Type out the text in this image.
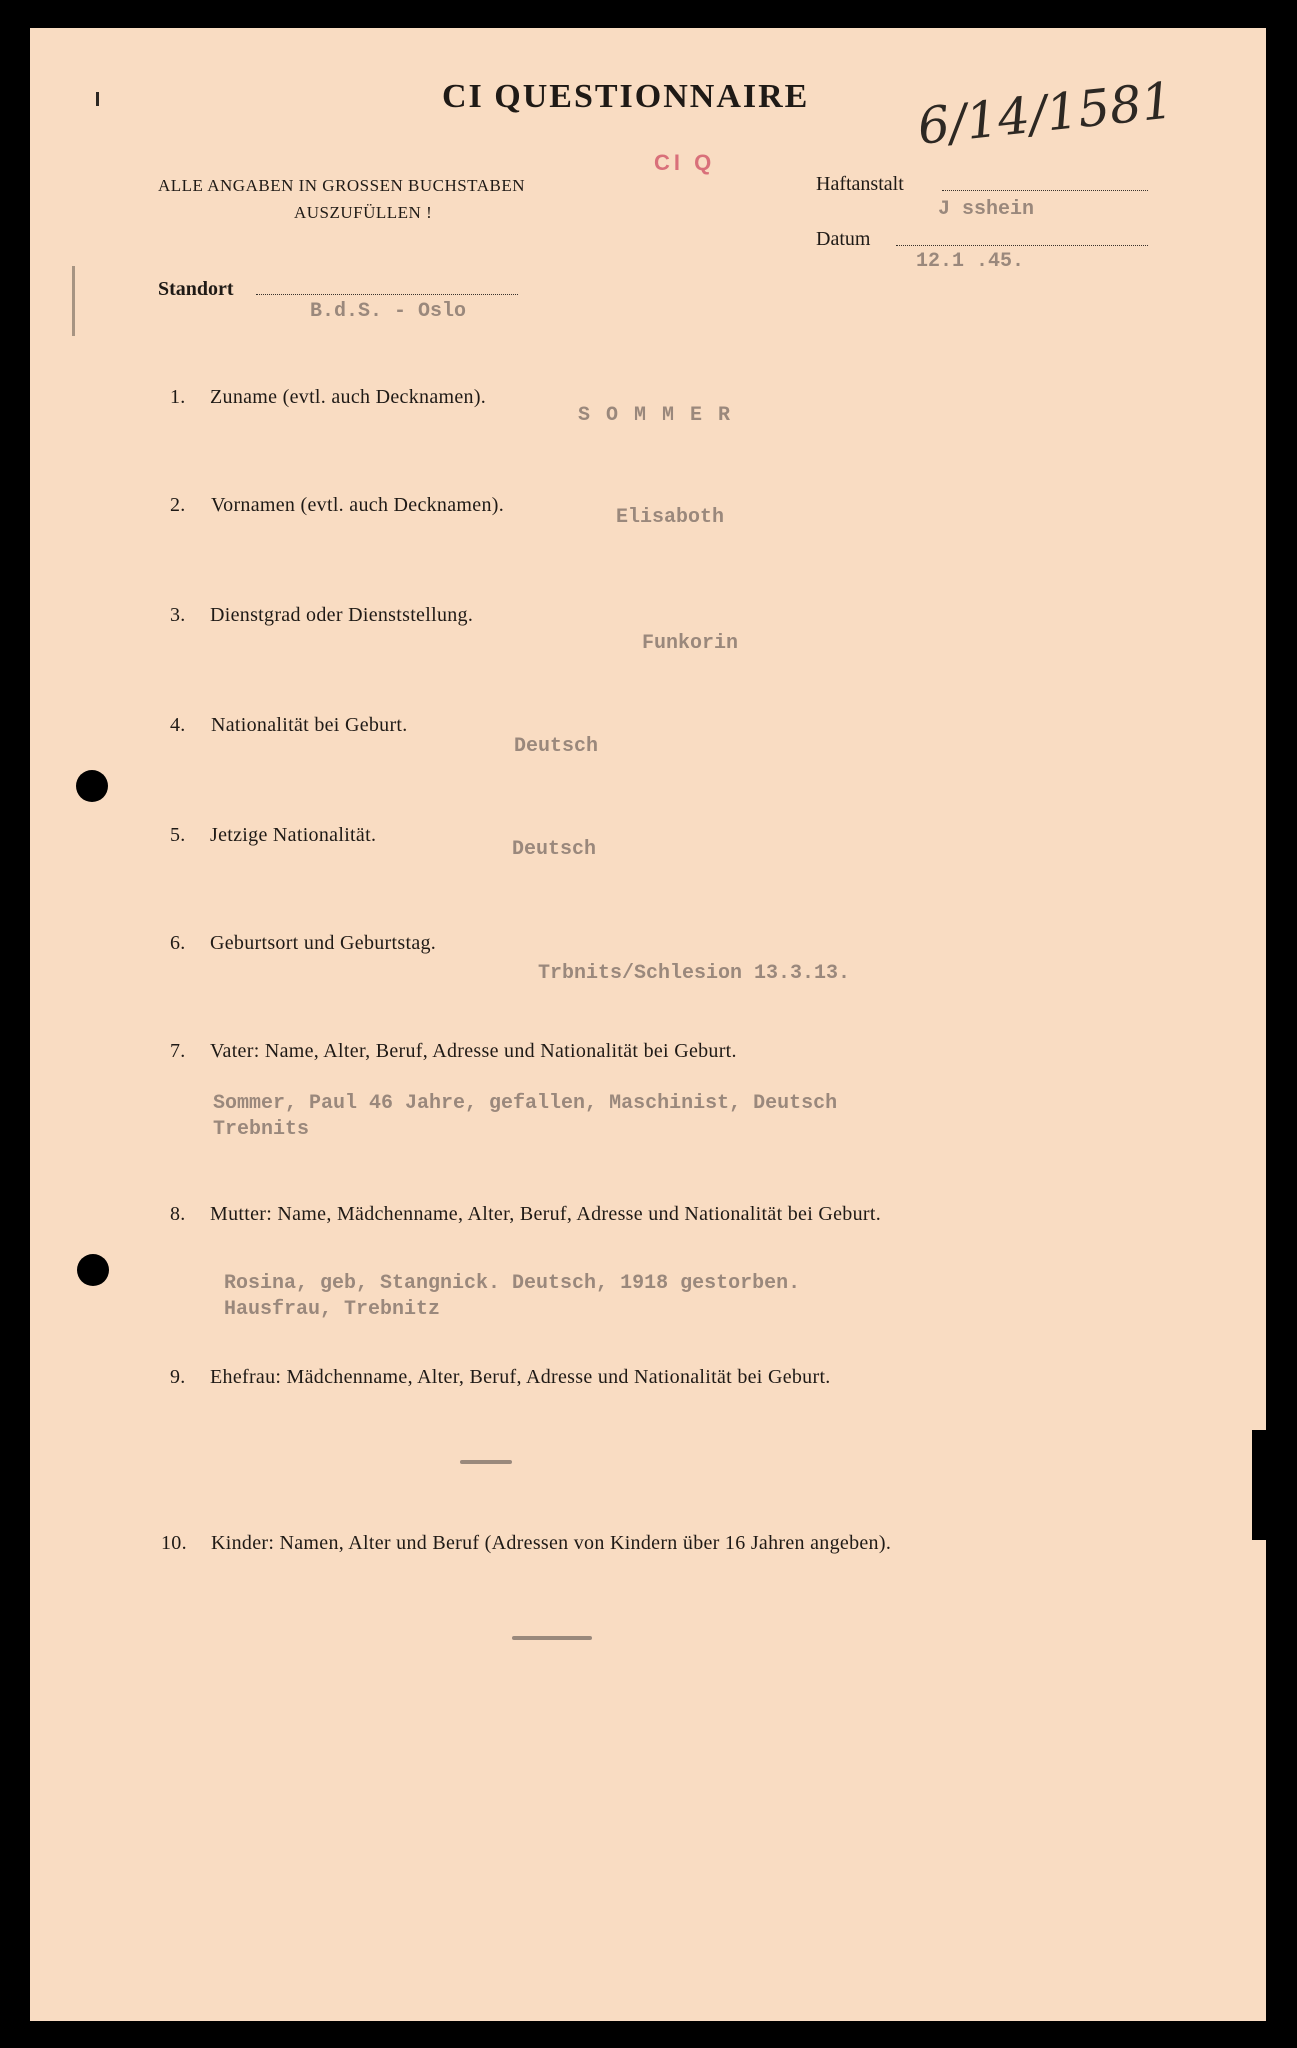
CI QUESTIONNAIRE 6/14/1581
CI Q
ALLE ANGABEN IN GROSSEN BUCHSTABEN
AUSZUFÜLLEN !
Haftanstalt
J sshein
Datum
12.1 .45.
Standort
B.d.S. - Oslo
1. Zuname (evtl. auch Decknamen).
S O M M E R
2. Vornamen (evtl. auch Decknamen).
Elisaboth
3. Dienstgrad oder Dienststellung.
Funkorin
4. Nationalität bei Geburt.
Deutsch
5. Jetzige Nationalität.
Deutsch
6. Geburtsort und Geburtstag.
Trbnits/Schlesion 13.3.13.
7. Vater: Name, Alter, Beruf, Adresse und Nationalität bei Geburt.
Sommer, Paul 46 Jahre, gefallen, Maschinist, Deutsch
Trebnits
8. Mutter: Name, Mädchenname, Alter, Beruf, Adresse und Nationalität bei Geburt.
Rosina, geb, Stangnick. Deutsch, 1918 gestorben.
Hausfrau, Trebnitz
9. Ehefrau: Mädchenname, Alter, Beruf, Adresse und Nationalität bei Geburt.
10. Kinder: Namen, Alter und Beruf (Adressen von Kindern über 16 Jahren angeben).
